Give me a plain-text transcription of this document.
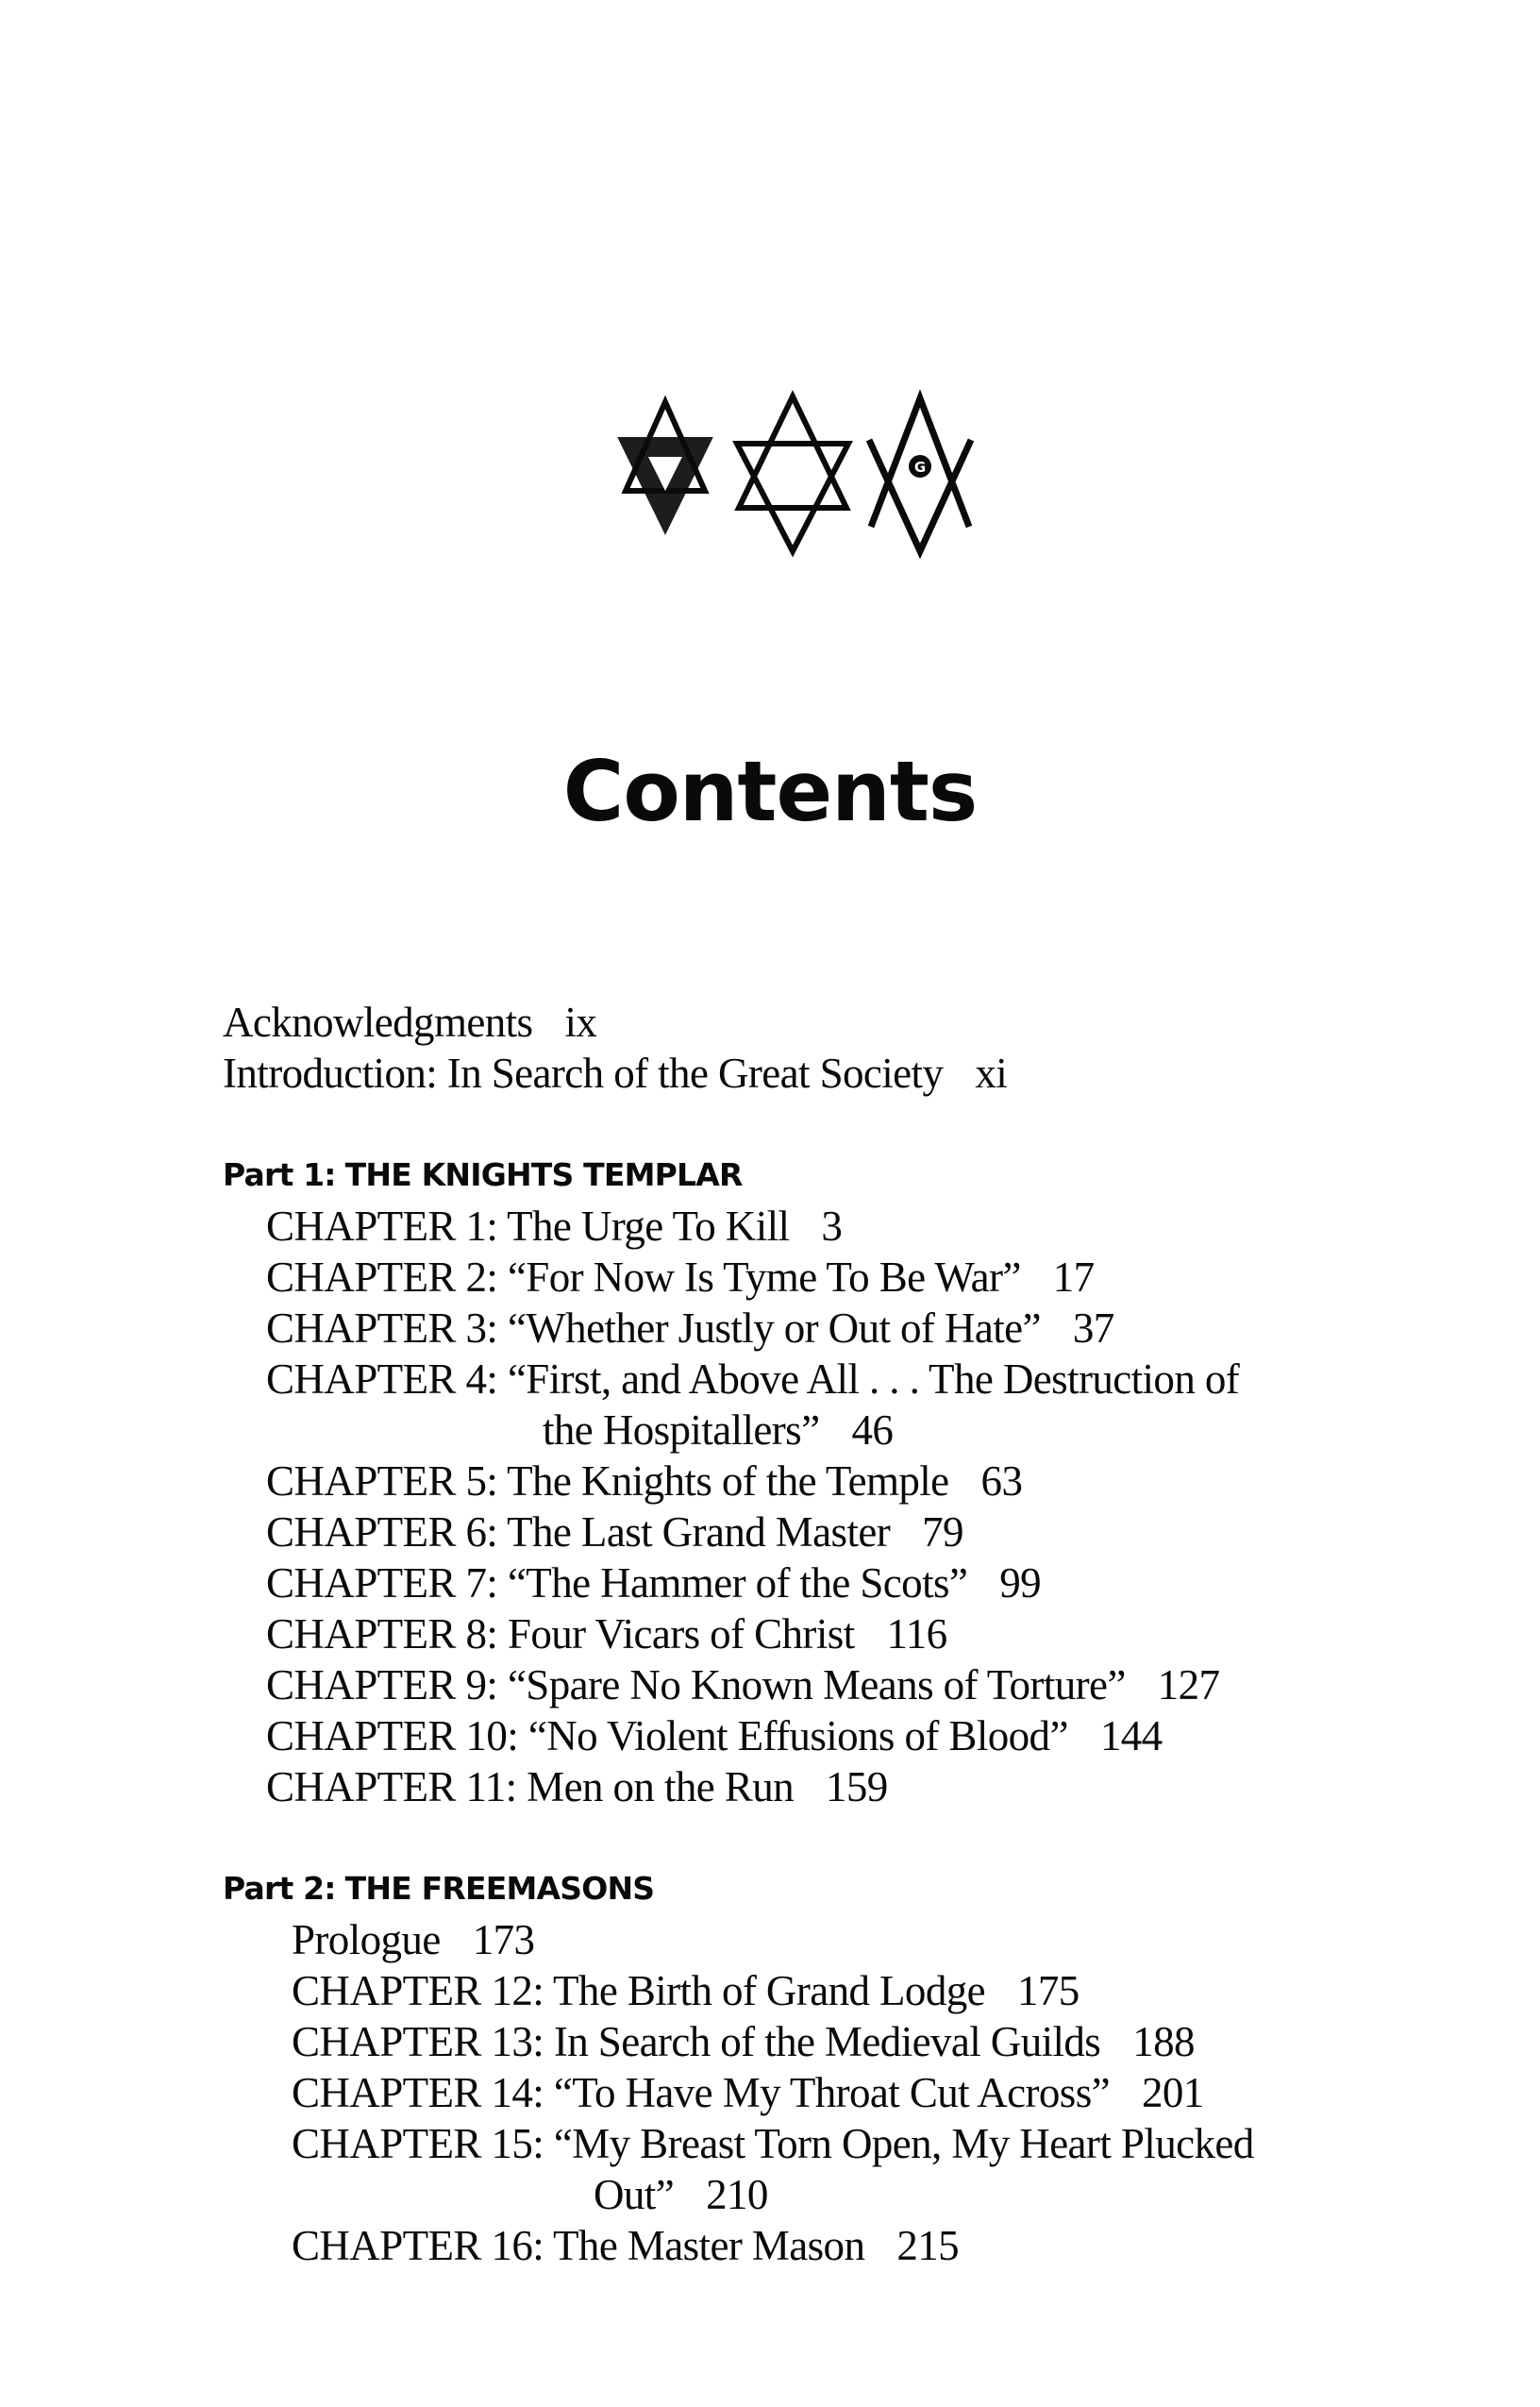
G
Contents
Acknowledgments ix
Introduction: In Search of the Great Society xi
Part 1: THE KNIGHTS TEMPLAR
CHAPTER 1: The Urge To Kill 3
CHAPTER 2: “For Now Is Tyme To Be War” 17
CHAPTER 3: “Whether Justly or Out of Hate” 37
CHAPTER 4: “First, and Above All . . . The Destruction of
the Hospitallers” 46
CHAPTER 5: The Knights of the Temple 63
CHAPTER 6: The Last Grand Master 79
CHAPTER 7: “The Hammer of the Scots” 99
CHAPTER 8: Four Vicars of Christ 116
CHAPTER 9: “Spare No Known Means of Torture” 127
CHAPTER 10: “No Violent Effusions of Blood” 144
CHAPTER 11: Men on the Run 159
Part 2: THE FREEMASONS
Prologue 173
CHAPTER 12: The Birth of Grand Lodge 175
CHAPTER 13: In Search of the Medieval Guilds 188
CHAPTER 14: “To Have My Throat Cut Across” 201
CHAPTER 15: “My Breast Torn Open, My Heart Plucked
Out” 210
CHAPTER 16: The Master Mason 215
